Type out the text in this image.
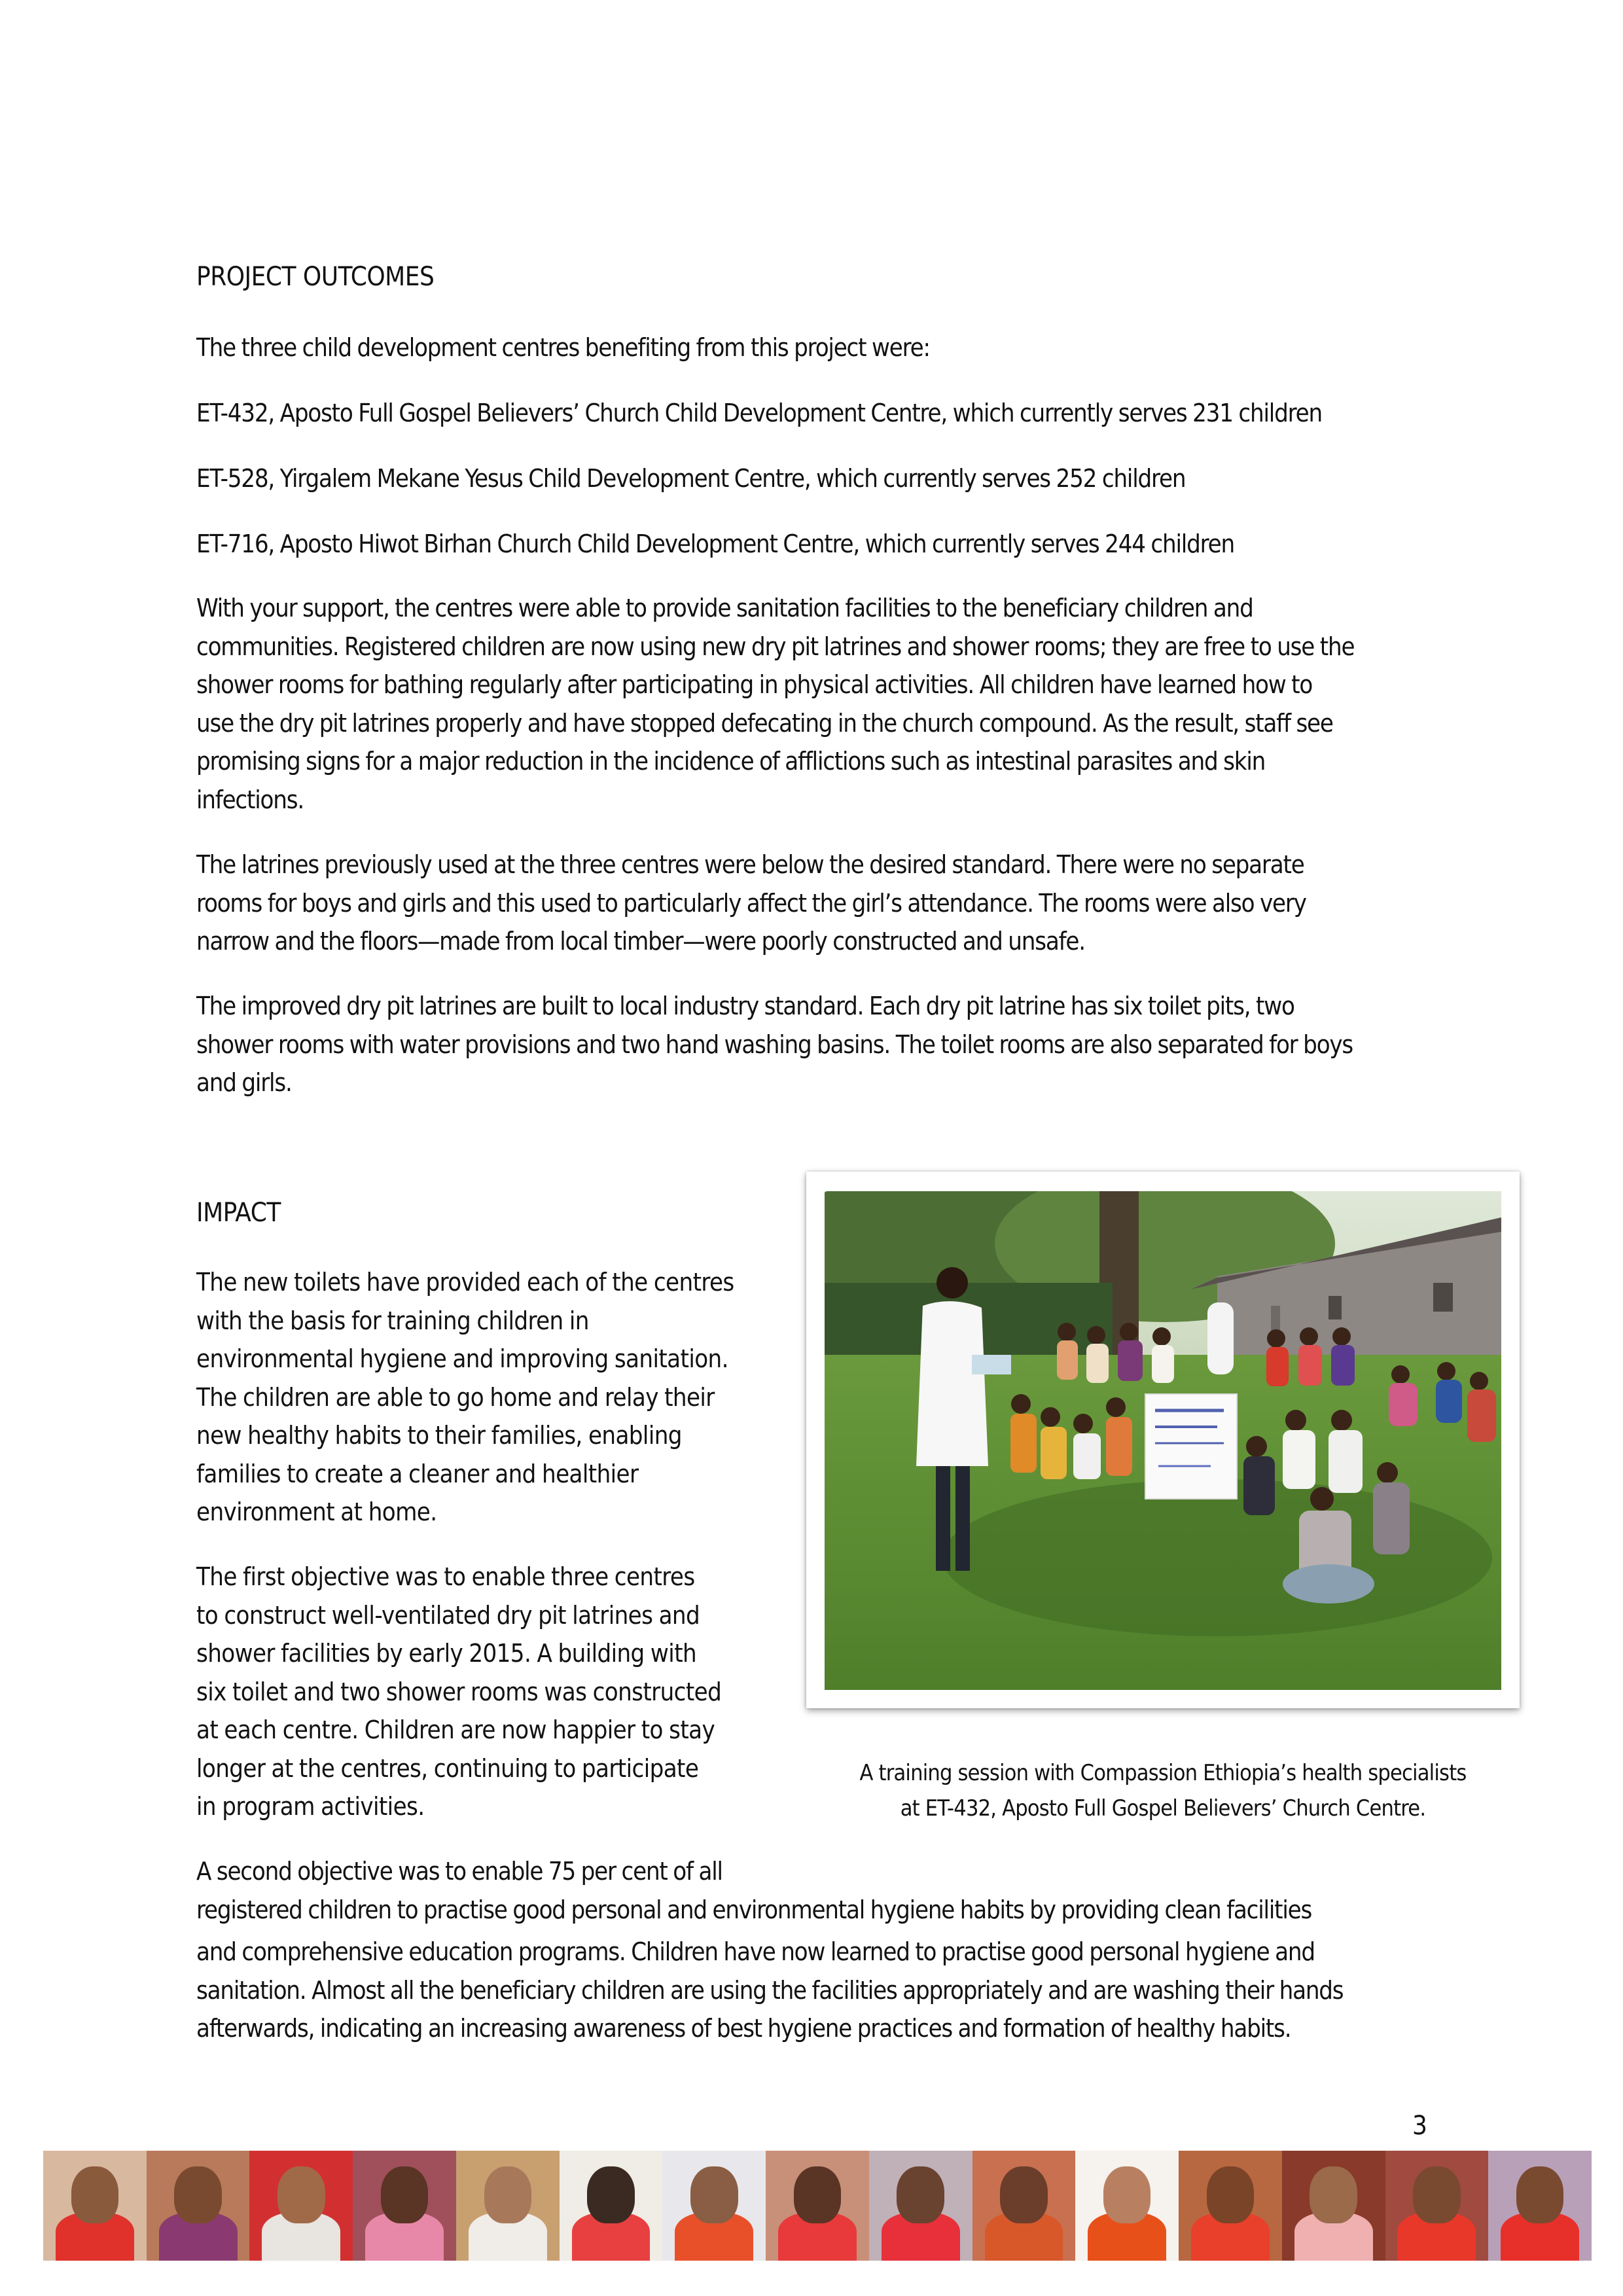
PROJECT OUTCOMES

The three child development centres benefiting from this project were:

ET-432, Aposto Full Gospel Believers’ Church Child Development Centre, which currently serves 231 children

ET-528, Yirgalem Mekane Yesus Child Development Centre, which currently serves 252 children

ET-716, Aposto Hiwot Birhan Church Child Development Centre, which currently serves 244 children

With your support, the centres were able to provide sanitation facilities to the beneficiary children and
communities. Registered children are now using new dry pit latrines and shower rooms; they are free to use the
shower rooms for bathing regularly after participating in physical activities. All children have learned how to
use the dry pit latrines properly and have stopped defecating in the church compound. As the result, staff see
promising signs for a major reduction in the incidence of afflictions such as intestinal parasites and skin
infections.

The latrines previously used at the three centres were below the desired standard. There were no separate
rooms for boys and girls and this used to particularly affect the girl’s attendance. The rooms were also very
narrow and the floors—made from local timber—were poorly constructed and unsafe.

The improved dry pit latrines are built to local industry standard. Each dry pit latrine has six toilet pits, two
shower rooms with water provisions and two hand washing basins. The toilet rooms are also separated for boys
and girls.

IMPACT

The new toilets have provided each of the centres
with the basis for training children in
environmental hygiene and improving sanitation.
The children are able to go home and relay their
new healthy habits to their families, enabling
families to create a cleaner and healthier
environment at home.

The first objective was to enable three centres
to construct well-ventilated dry pit latrines and
shower facilities by early 2015. A building with
six toilet and two shower rooms was constructed
at each centre. Children are now happier to stay
longer at the centres, continuing to participate
in program activities.

A second objective was to enable 75 per cent of all
registered children to practise good personal and environmental hygiene habits by providing clean facilities
and comprehensive education programs. Children have now learned to practise good personal hygiene and
sanitation. Almost all the beneficiary children are using the facilities appropriately and are washing their hands
afterwards, indicating an increasing awareness of best hygiene practices and formation of healthy habits.

A training session with Compassion Ethiopia’s health specialists
at ET-432, Aposto Full Gospel Believers’ Church Centre.
3
